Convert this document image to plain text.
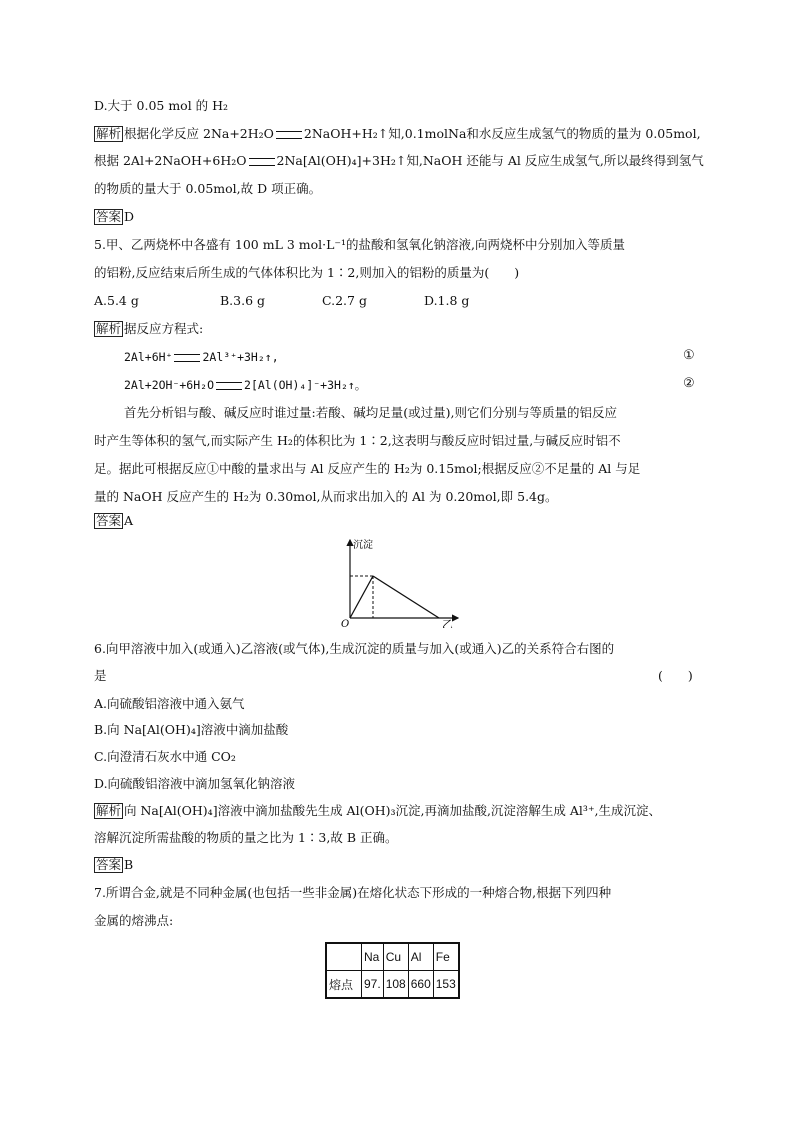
D.大于 0.05 mol 的 H₂
解析 根据化学反应 2Na+2H₂O 2NaOH+H₂↑知,0.1molNa和水反应生成氢气的物质的量为 0.05mol,
根据 2Al+2NaOH+6H₂O 2Na[Al(OH)₄]+3H₂↑知,NaOH 还能与 Al 反应生成氢气,所以最终得到氢气
的物质的量大于 0.05mol,故 D 项正确。
答案 D
5.甲、乙两烧杯中各盛有 100 mL 3 mol·L⁻¹的盐酸和氢氧化钠溶液,向两烧杯中分别加入等质量
的铝粉,反应结束后所生成的气体体积比为 1∶2,则加入的铝粉的质量为(　　)
A.5.4 g	B.3.6 g	C.2.7 g	D.1.8 g
解析 据反应方程式:
2Al+6H⁺	2Al³⁺+3H₂↑,	①
2Al+2OH⁻+6H₂O	2[Al(OH)₄]⁻+3H₂↑。	②
首先分析铝与酸、碱反应时谁过量:若酸、碱均足量(或过量),则它们分别与等质量的铝反应
时产生等体积的氢气,而实际产生 H₂的体积比为 1∶2,这表明与酸反应时铝过量,与碱反应时铝不
足。据此可根据反应①中酸的量求出与 Al 反应产生的 H₂为 0.15mol;根据反应②不足量的 Al 与足
量的 NaOH 反应产生的 H₂为 0.30mol,从而求出加入的 Al 为 0.20mol,即 5.4g。
答案 A
沉淀
O	乙
6.向甲溶液中加入(或通入)乙溶液(或气体),生成沉淀的质量与加入(或通入)乙的关系符合右图的
是	(　　)
A.向硫酸铝溶液中通入氨气
B.向 Na[Al(OH)₄]溶液中滴加盐酸
C.向澄清石灰水中通 CO₂
D.向硫酸铝溶液中滴加氢氧化钠溶液
解析 向 Na[Al(OH)₄]溶液中滴加盐酸先生成 Al(OH)₃沉淀,再滴加盐酸,沉淀溶解生成 Al³⁺,生成沉淀、
溶解沉淀所需盐酸的物质的量之比为 1∶3,故 B 正确。
答案 B
7.所谓合金,就是不同种金属(也包括一些非金属)在熔化状态下形成的一种熔合物,根据下列四种
金属的熔沸点:
	Na	Cu	Al	Fe
熔点	97.	108	660	153
